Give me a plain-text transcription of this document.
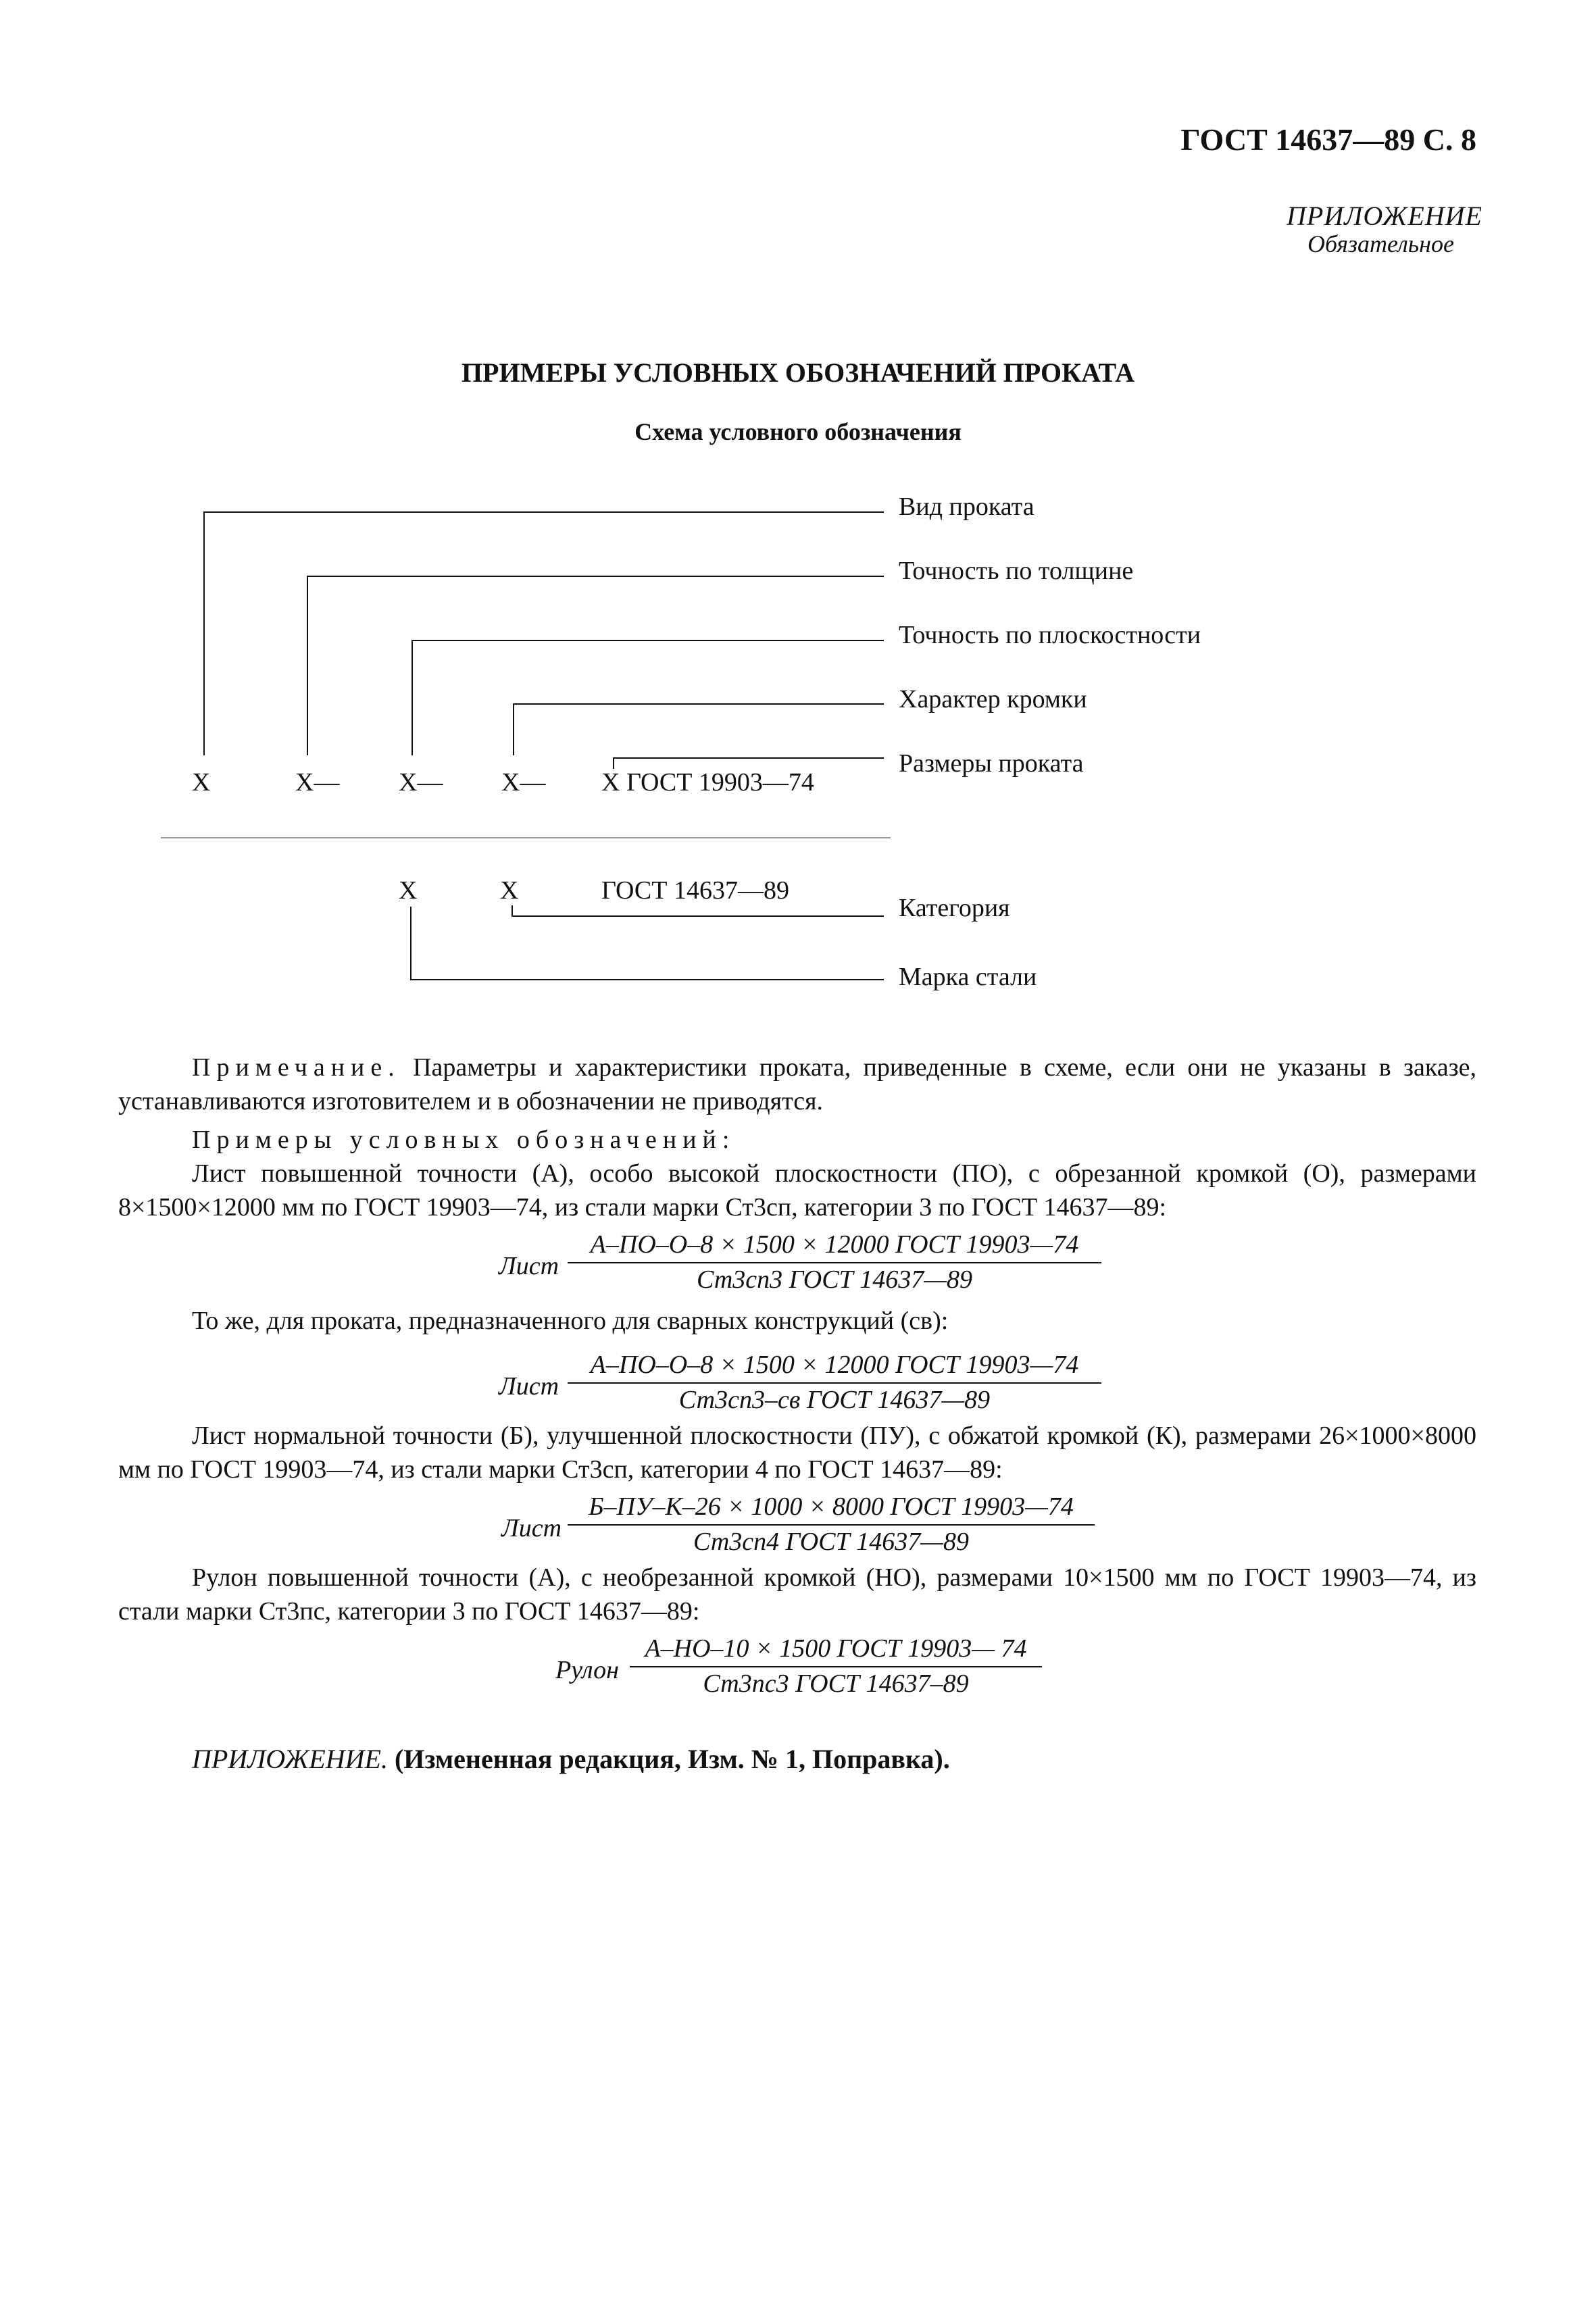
ГОСТ 14637—89 С. 8
ПРИЛОЖЕНИЕ
Обязательное
ПРИМЕРЫ УСЛОВНЫХ ОБОЗНАЧЕНИЙ ПРОКАТА
Схема условного обозначения
Вид проката
Точность по толщине
Точность по плоскостности
Характер кромки
Размеры проката
Категория
Марка стали
Х	Х— Х— Х— Х ГОСТ 19903—74
Х	Х	ГОСТ 14637—89
Примечание. Параметры и характеристики проката, приведенные в схеме, если они не указаны в заказе, устанавливаются изготовителем и в обозначении не приводятся.
Примеры условных обозначений:
Лист повышенной точности (А), особо высокой плоскостности (ПО), с обрезанной кромкой (О), размерами 8×1500×12000 мм по ГОСТ 19903—74, из стали марки Ст3сп, категории 3 по ГОСТ 14637—89:
Лист
А–ПО–О–8 × 1500 × 12000 ГОСТ 19903—74
Ст3сп3 ГОСТ 14637—89
То же, для проката, предназначенного для сварных конструкций (св):
Лист
А–ПО–О–8 × 1500 × 12000 ГОСТ 19903—74
Ст3сп3–св ГОСТ 14637—89
Лист нормальной точности (Б), улучшенной плоскостности (ПУ), с обжатой кромкой (К), размерами 26×1000×8000 мм по ГОСТ 19903—74, из стали марки Ст3сп, категории 4 по ГОСТ 14637—89:
Лист
Б–ПУ–К–26 × 1000 × 8000 ГОСТ 19903—74
Ст3сп4 ГОСТ 14637—89
Рулон повышенной точности (А), с необрезанной кромкой (НО), размерами 10×1500 мм по ГОСТ 19903—74, из стали марки Ст3пс, категории 3 по ГОСТ 14637—89:
Рулон
А–НО–10 × 1500 ГОСТ 19903— 74
Ст3пс3 ГОСТ 14637–89
ПРИЛОЖЕНИЕ. (Измененная редакция, Изм. № 1, Поправка).
